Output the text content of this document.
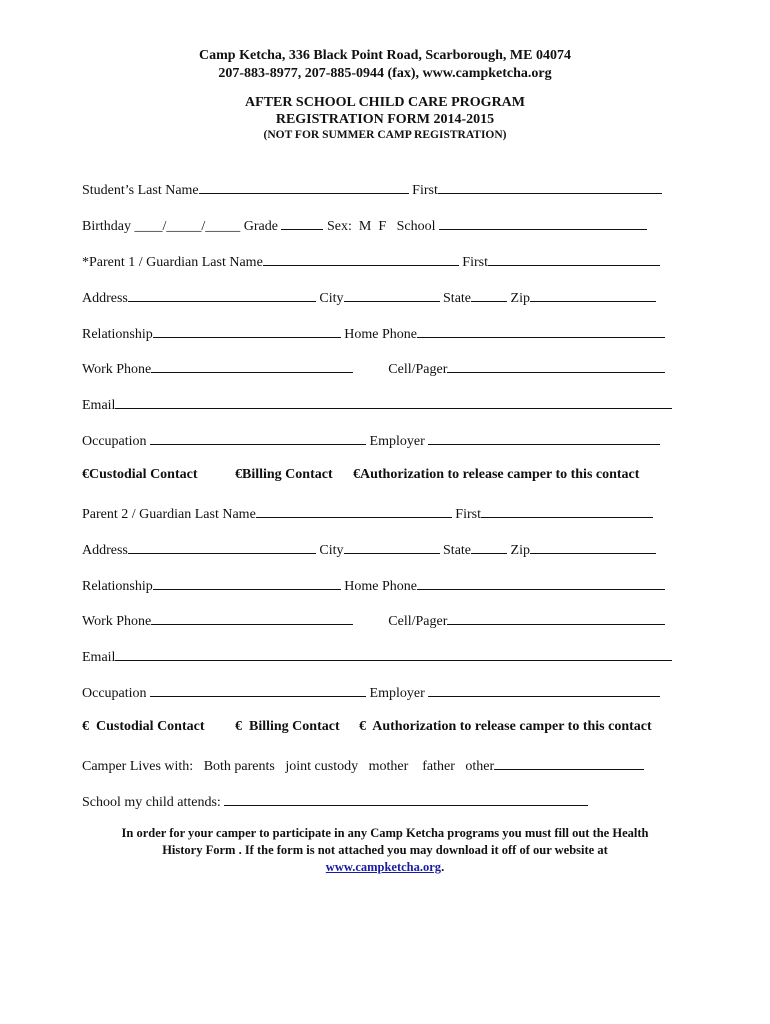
Camp Ketcha, 336 Black Point Road, Scarborough, ME 04074
207-883-8977, 207-885-0944 (fax), www.campketcha.org
AFTER SCHOOL CHILD CARE PROGRAM
REGISTRATION FORM 2014-2015
(NOT FOR SUMMER CAMP REGISTRATION)
Student’s Last Name	First
Birthday ____/_____/_____ Grade	Sex:  M  F School
*Parent 1 / Guardian Last Name	First
Address	City	State	Zip
Relationship	Home Phone
Work Phone	Cell/Pager
Email
Occupation	Employer
€Custodial Contact	€Billing Contact €Authorization to release camper to this contact
Parent 2 / Guardian Last Name	First
Address	City	State	Zip
Relationship	Home Phone
Work Phone	Cell/Pager
Email
Occupation	Employer
€ Custodial Contact € Billing Contact € Authorization to release camper to this contact
Camper Lives with: Both parents joint custody mother father other
School my child attends:
In order for your camper to participate in any Camp Ketcha programs you must fill out the Health
History Form . If the form is not attached you may download it off of our website at
www.campketcha.org.
